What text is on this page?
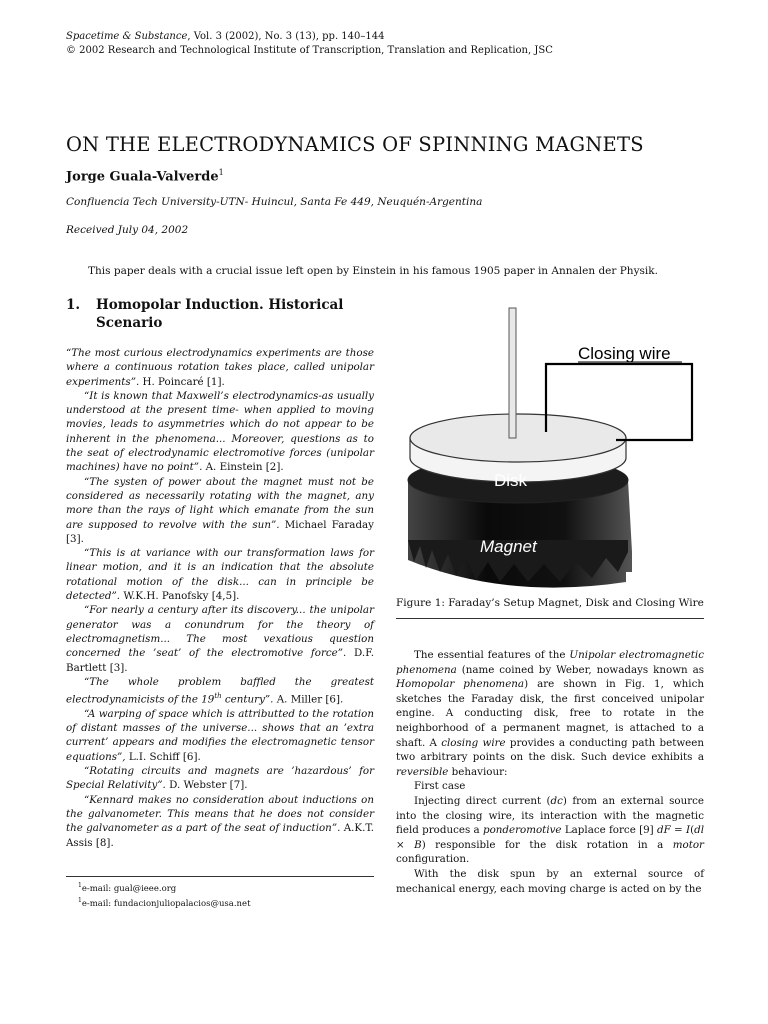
Spacetime & Substance, Vol. 3 (2002), No. 3 (13), pp. 140–144
© 2002 Research and Technological Institute of Transcription, Translation and Replication, JSC
ON THE ELECTRODYNAMICS OF SPINNING MAGNETS
Jorge Guala-Valverde$^1$
Confluencia Tech University-UTN- Huincul, Santa Fe 449, Neuquén-Argentina
Received July 04, 2002
This paper deals with a crucial issue left open by Einstein in his famous 1905 paper in Annalen der Physik.
1.	Homopolar Induction. Historical Scenario

“The most curious electrodynamics experiments are those where a continuous rotation takes place, called unipolar experiments”. H. Poincaré [1].

“It is known that Maxwell’s electrodynamics-as usually understood at the present time- when applied to moving movies, leads to asymmetries which do not appear to be inherent in the phenomena... Moreover, questions as to the seat of electrodynamic electromotive forces (unipolar machines) have no point”. A. Einstein [2].

“The systen of power about the magnet must not be considered as necessarily rotating with the magnet, any more than the rays of light which emanate from the sun are supposed to revolve with the sun”. Michael Faraday [3].

“This is at variance with our transformation laws for linear motion, and it is an indication that the absolute rotational motion of the disk... can in principle be detected”. W.K.H. Panofsky [4,5].

“For nearly a century after its discovery... the unipolar generator was a conundrum for the theory of electromagnetism... The most vexatious question concerned the ’seat’ of the electromotive force”. D.F. Bartlett [3].

“The whole problem baffled the greatest electrodynamicists of the 19th century”. A. Miller [6].

“A warping of space which is attributted to the rotation of distant masses of the universe... shows that an ’extra current’ appears and modifies the electromagnetic tensor equations”, L.I. Schiff [6].

“Rotating circuits and magnets are ’hazardous’ for Special Relativity”. D. Webster [7].

“Kennard makes no consideration about inductions on the galvanometer. This means that he does not consider the galvanometer as a part of the seat of induction”. A.K.T. Assis [8].

$^1$e-mail: gual@ieee.org
$^1$e-mail: fundacionjuliopalacios@usa.net
Closing wire
Disk
Magnet
Figure 1: Faraday’s Setup Magnet, Disk and Closing Wire

The essential features of the Unipolar electromagnetic phenomena (name coined by Weber, nowadays known as Homopolar phenomena) are shown in Fig. 1, which sketches the Faraday disk, the first conceived unipolar engine. A conducting disk, free to rotate in the neighborhood of a permanent magnet, is attached to a shaft. A closing wire provides a conducting path between two arbitrary points on the disk. Such device exhibits a reversible behaviour:

First case

Injecting direct current (dc) from an external source into the closing wire, its interaction with the magnetic field produces a ponderomotive Laplace force [9] dF = I(dl × B) responsible for the disk rotation in a motor configuration.

With the disk spun by an external source of mechanical energy, each moving charge is acted on by the
